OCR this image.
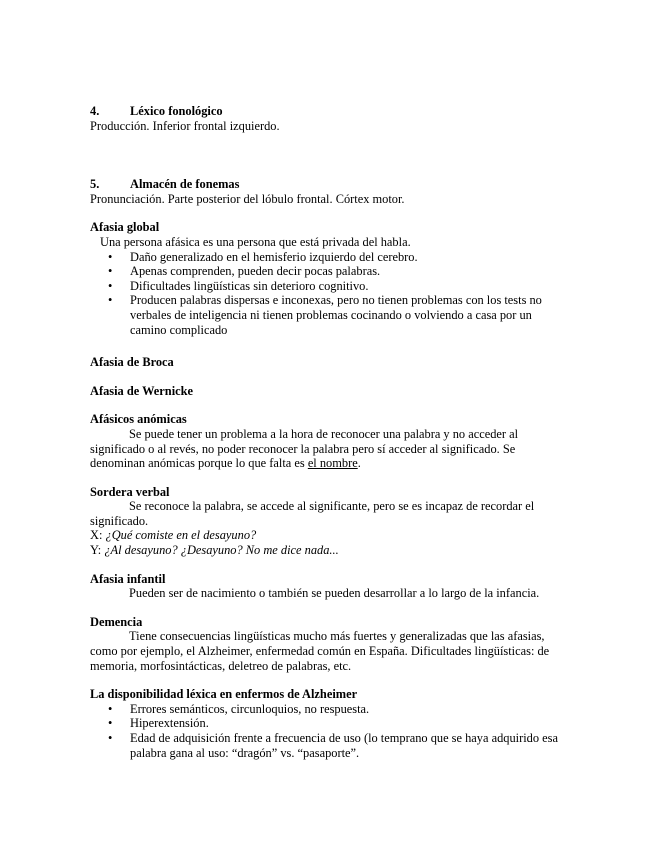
4. Léxico fonológico
Producción. Inferior frontal izquierdo.
5. Almacén de fonemas
Pronunciación. Parte posterior del lóbulo frontal. Córtex motor.
Afasia global
Una persona afásica es una persona que está privada del habla.
• Daño generalizado en el hemisferio izquierdo del cerebro.
• Apenas comprenden, pueden decir pocas palabras.
• Dificultades lingüísticas sin deterioro cognitivo.
• Producen palabras dispersas e inconexas, pero no tienen problemas con los tests no verbales de inteligencia ni tienen problemas cocinando o volviendo a casa por un camino complicado
Afasia de Broca
Afasia de Wernicke
Afásicos anómicas
Se puede tener un problema a la hora de reconocer una palabra y no acceder al significado o al revés, no poder reconocer la palabra pero sí acceder al significado. Se denominan anómicas porque lo que falta es el nombre.
Sordera verbal
Se reconoce la palabra, se accede al significante, pero se es incapaz de recordar el significado.
X: ¿Qué comiste en el desayuno?
Y: ¿Al desayuno? ¿Desayuno? No me dice nada...
Afasia infantil
Pueden ser de nacimiento o también se pueden desarrollar a lo largo de la infancia.
Demencia
Tiene consecuencias lingüísticas mucho más fuertes y generalizadas que las afasias, como por ejemplo, el Alzheimer, enfermedad común en España. Dificultades lingüísticas: de memoria, morfosintácticas, deletreo de palabras, etc.
La disponibilidad léxica en enfermos de Alzheimer
• Errores semánticos, circunloquios, no respuesta.
• Hiperextensión.
• Edad de adquisición frente a frecuencia de uso (lo temprano que se haya adquirido esa palabra gana al uso: “dragón” vs. “pasaporte”.
